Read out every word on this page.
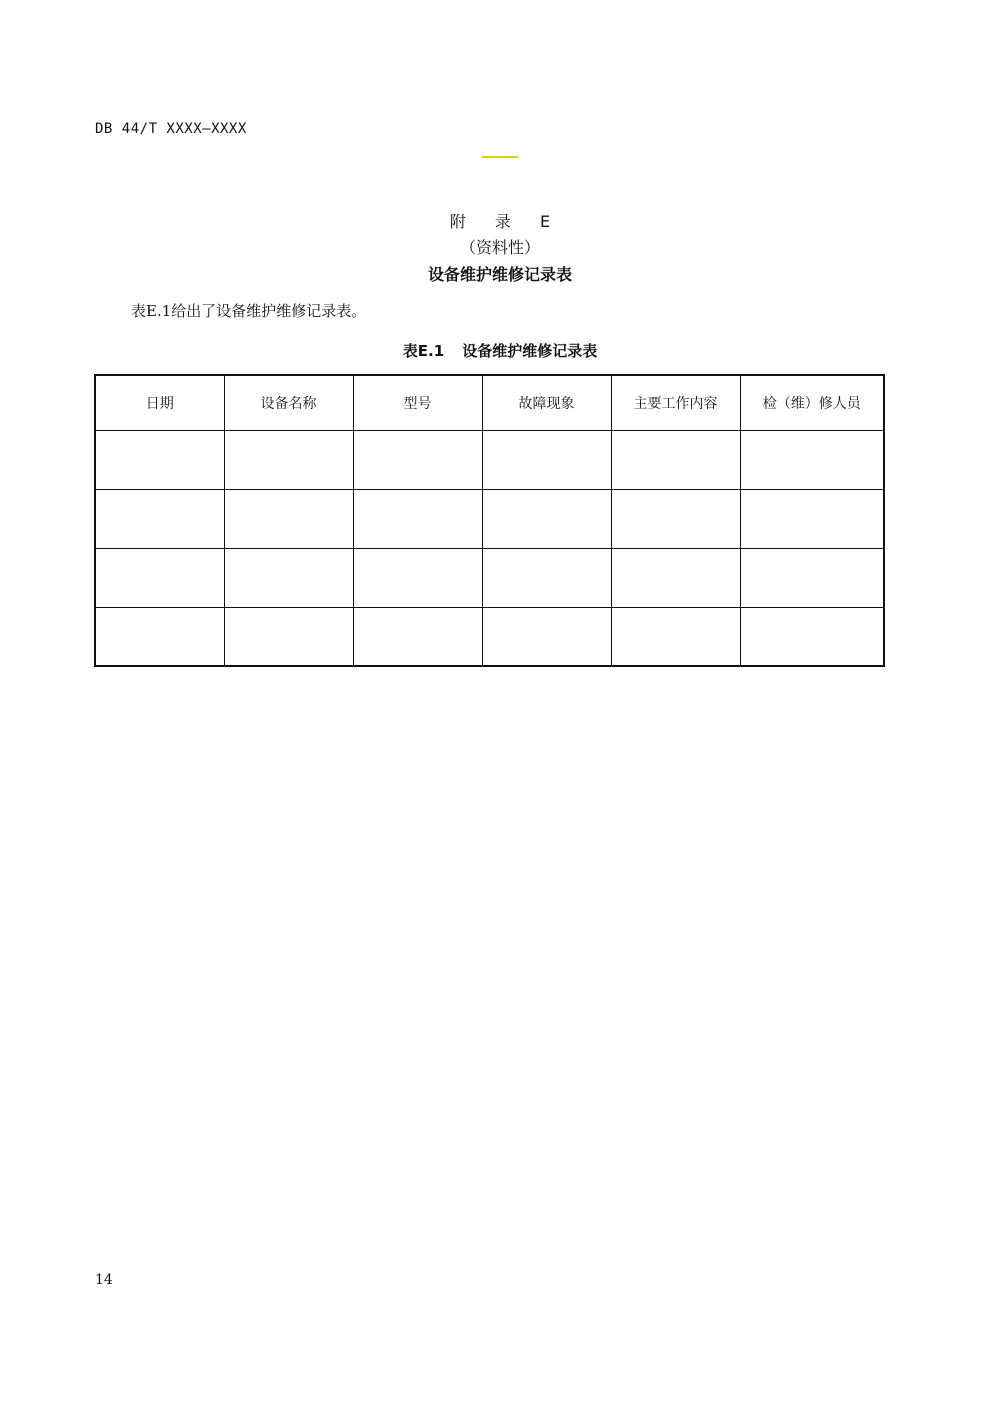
DB 44/T XXXX—XXXX
附 录 E
（资料性）
设备维护维修记录表
表E.1给出了设备维护维修记录表。
表E.1 设备维护维修记录表
日期	设备名称	型号	故障现象	主要工作内容	检（维）修人员

14
